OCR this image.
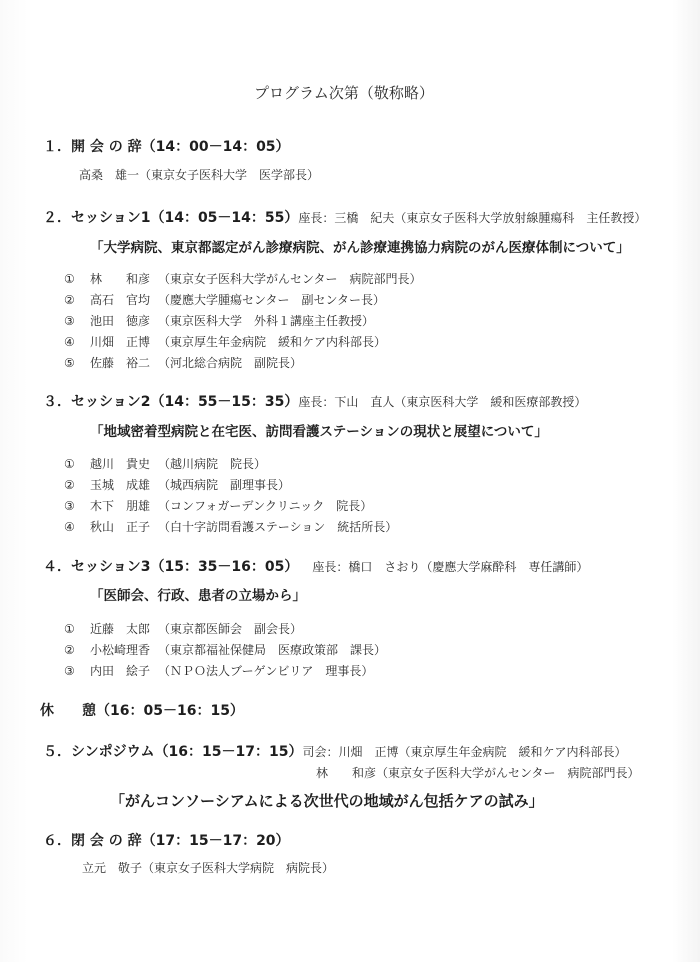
プログラム次第（敬称略）
１．開 会 の 辞（14：00－14：05）
高桑　雄一（東京女子医科大学　医学部長）
２．セッション1（14：05－14：55）座長：三橋　紀夫（東京女子医科大学放射線腫瘍科　主任教授）
「大学病院、東京都認定がん診療病院、がん診療連携協力病院のがん医療体制について」
① 林　　和彦 （東京女子医科大学がんセンター　病院部門長）
② 高石　官均 （慶應大学腫瘍センター　副センター長）
③ 池田　徳彦 （東京医科大学　外科１講座主任教授）
④ 川畑　正博 （東京厚生年金病院　緩和ケア内科部長）
⑤ 佐藤　裕二 （河北総合病院　副院長）
３．セッション2（14：55－15：35）座長：下山　直人（東京医科大学　緩和医療部教授）
「地域密着型病院と在宅医、訪問看護ステーションの現状と展望について」
① 越川　貴史 （越川病院　院長）
② 玉城　成雄 （城西病院　副理事長）
③ 木下　朋雄 （コンフォガーデンクリニック　院長）
④ 秋山　正子 （白十字訪問看護ステーション　統括所長）
４．セッション3（15：35－16：05） 座長：橋口　さおり（慶應大学麻酔科　専任講師）
「医師会、行政、患者の立場から」
① 近藤　太郎 （東京都医師会　副会長）
② 小松崎理香 （東京都福祉保健局　医療政策部　課長）
③ 内田　絵子 （ＮＰＯ法人ブーゲンビリア　理事長）
休　　憩（16：05－16：15）
５．シンポジウム（16：15－17：15）司会：川畑　正博（東京厚生年金病院　緩和ケア内科部長）
林　　和彦（東京女子医科大学がんセンター　病院部門長）
「がんコンソーシアムによる次世代の地域がん包括ケアの試み」
６．閉 会 の 辞（17：15－17：20）
立元　敬子（東京女子医科大学病院　病院長）
